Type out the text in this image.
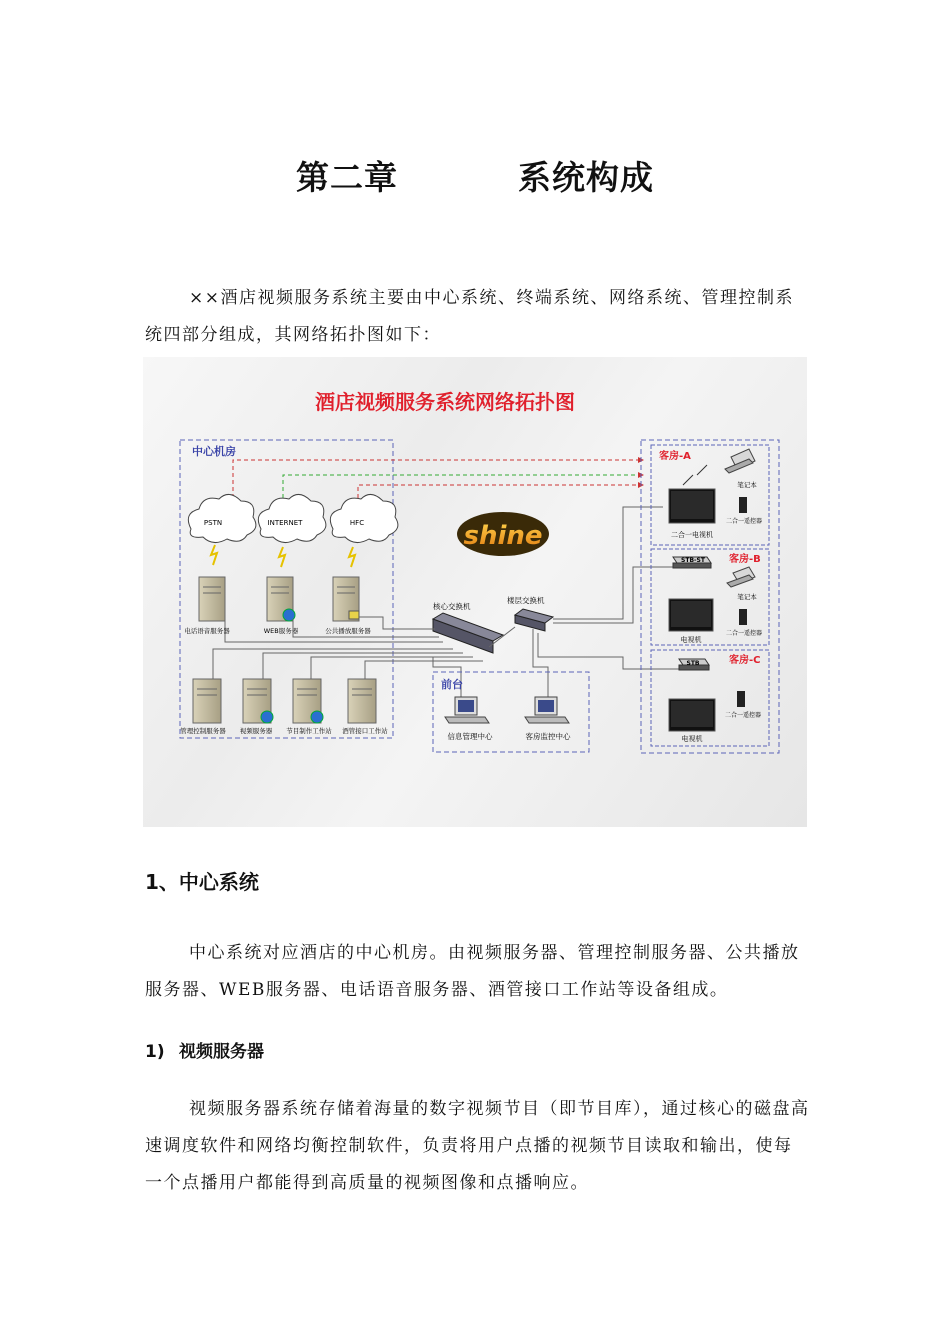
第二章	系统构成

××酒店视频服务系统主要由中心系统、终端系统、网络系统、管理控制系统四部分组成，其网络拓扑图如下：

酒店视频服务系统网络拓扑图
中心机房
PSTN	INTERNET	HFC
电话语音服务器	WEB服务器	公共播放服务器
管理控制服务器 视频服务器 节目制作工作站 酒管接口工作站
shine
核心交换机
楼层交换机
前台
信息管理中心	客房监控中心
客房-A
二合一电视机
笔记本
二合一遥控器
客房-B
STB-ST
电视机
笔记本
二合一遥控器
客房-C
STB
电视机
二合一遥控器
1、中心系统

中心系统对应酒店的中心机房。由视频服务器、管理控制服务器、公共播放服务器、WEB服务器、电话语音服务器、酒管接口工作站等设备组成。

1) 视频服务器

视频服务器系统存储着海量的数字视频节目（即节目库），通过核心的磁盘高速调度软件和网络均衡控制软件，负责将用户点播的视频节目读取和输出，使每一个点播用户都能得到高质量的视频图像和点播响应。
